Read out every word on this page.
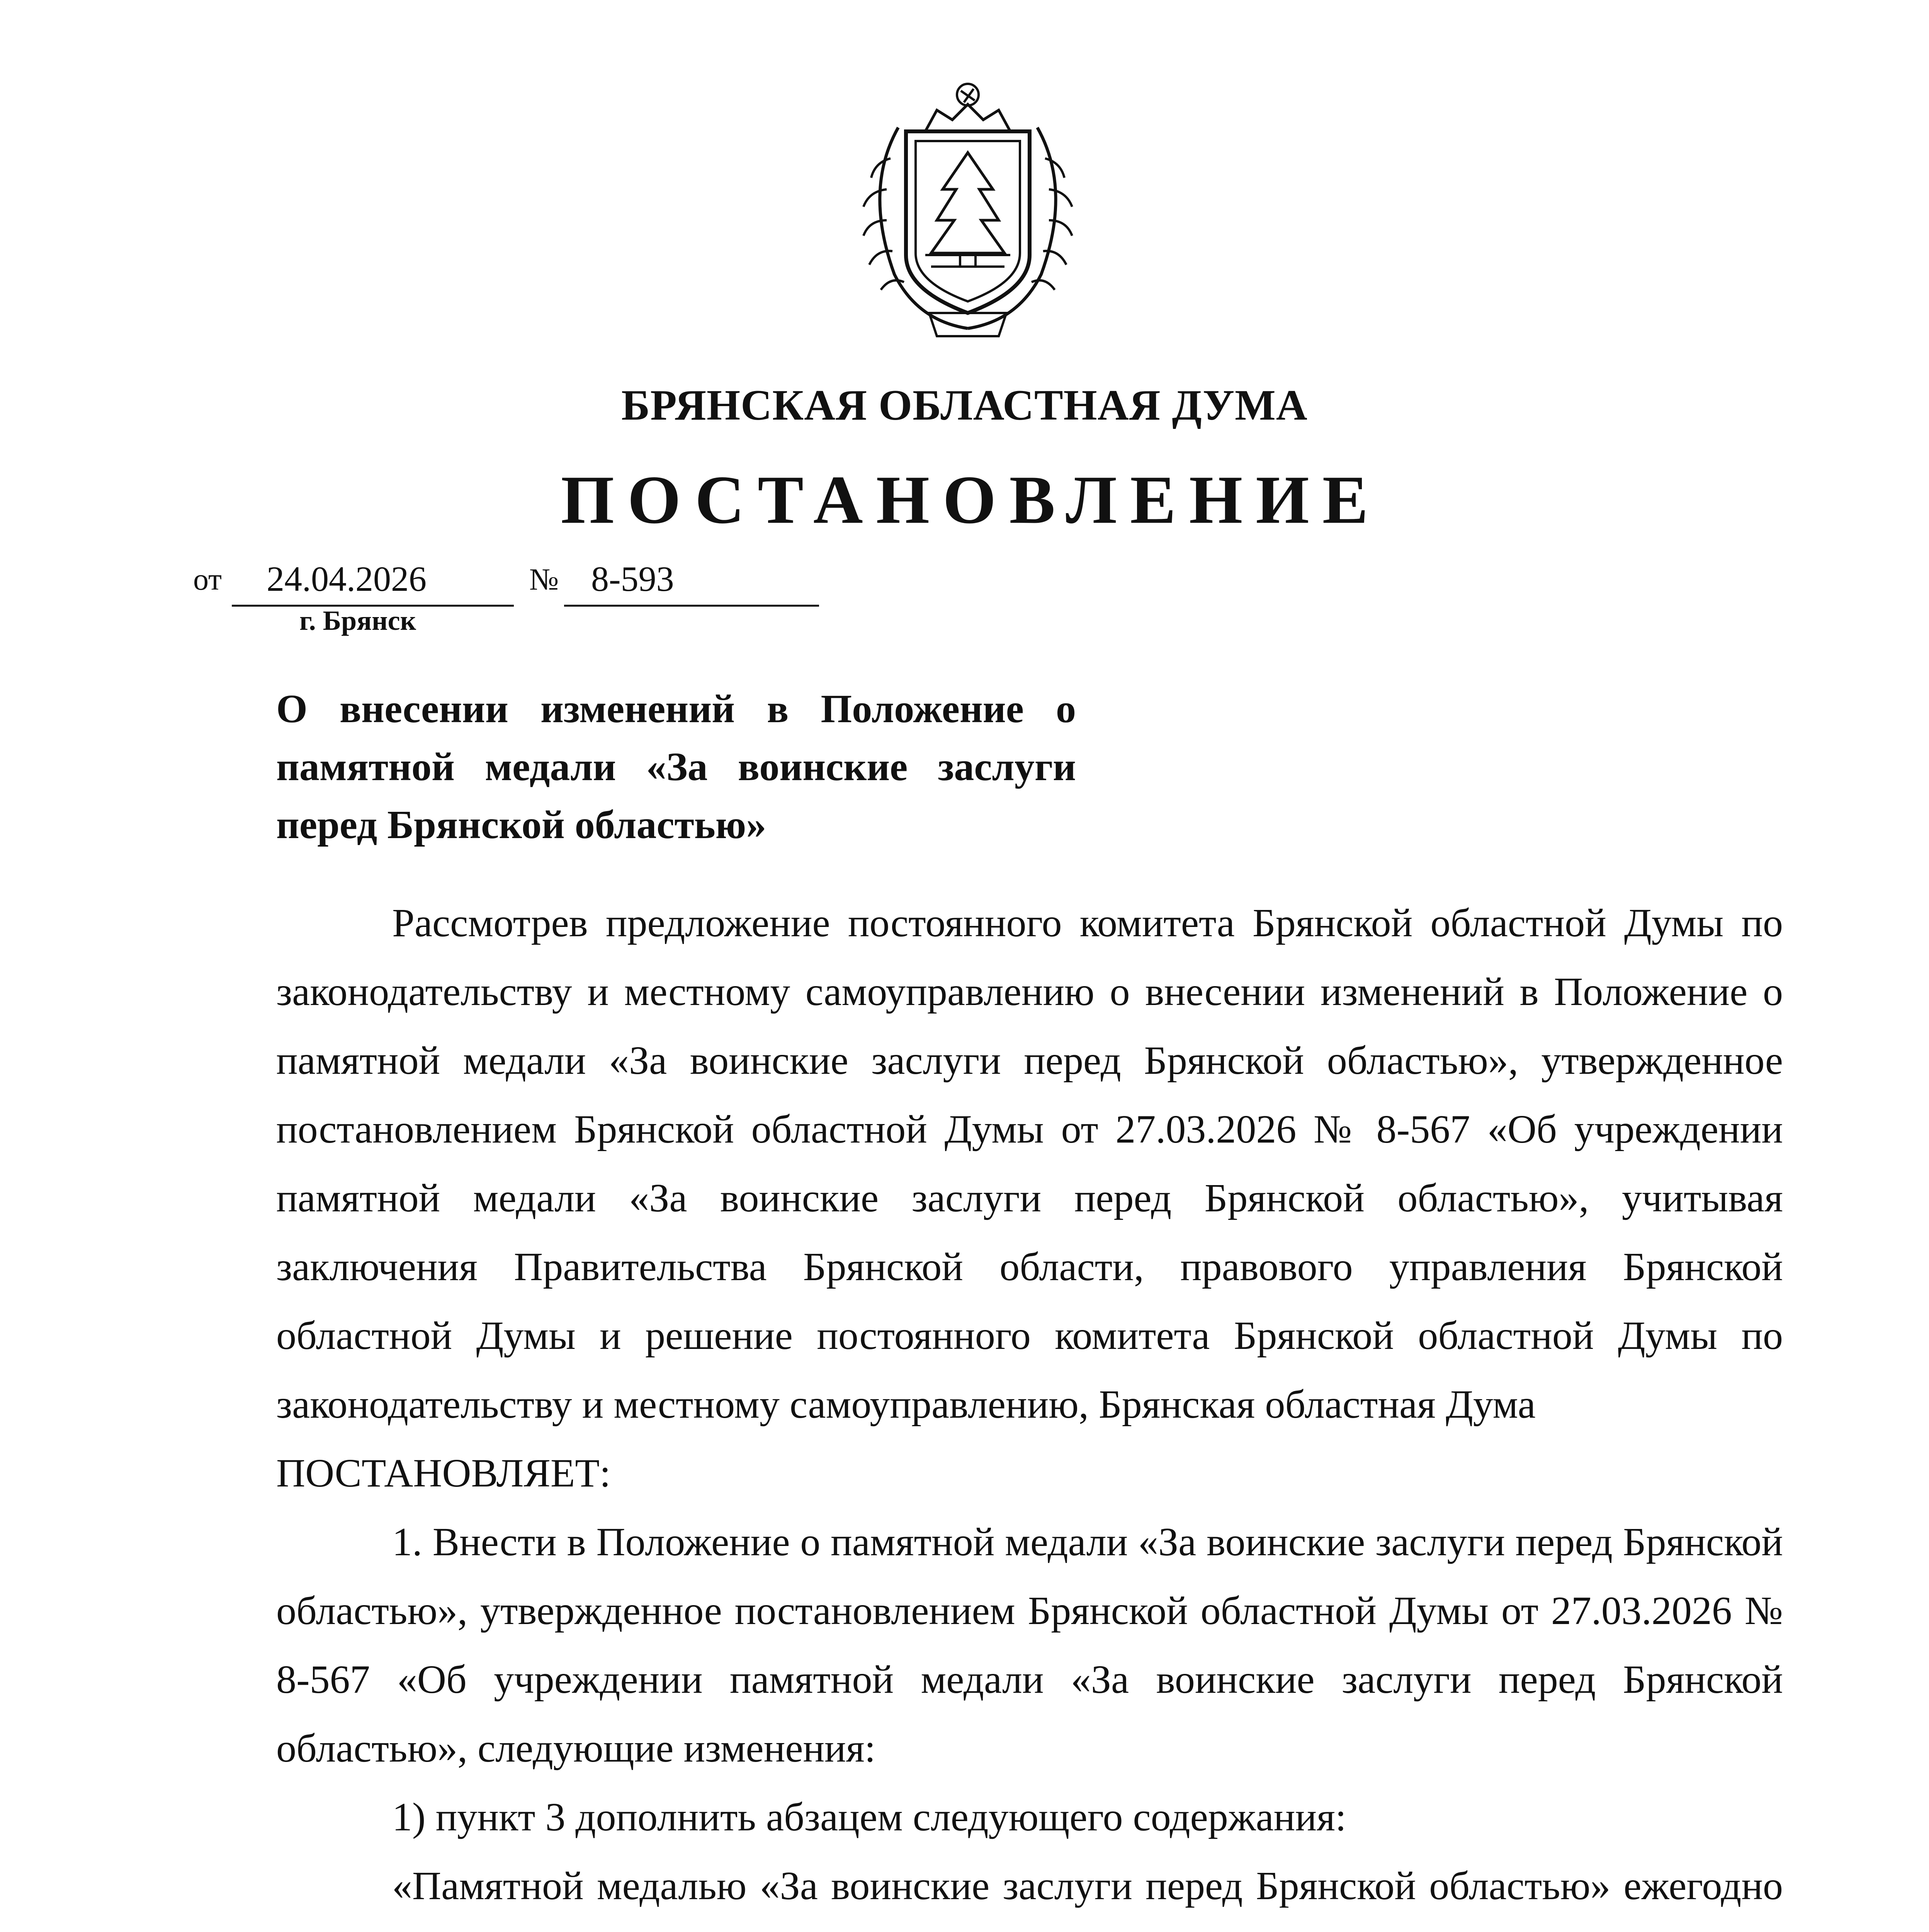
БРЯНСКАЯ ОБЛАСТНАЯ ДУМА
ПОСТАНОВЛЕНИЕ
от 24.04.2026	№ 8-593
г. Брянск
О внесении изменений в Положение о памятной медали «За воинские заслуги перед Брянской областью»

Рассмотрев предложение постоянного комитета Брянской областной Думы по законодательству и местному самоуправлению о внесении изменений в Положение о памятной медали «За воинские заслуги перед Брянской областью», утвержденное постановлением Брянской областной Думы от 27.03.2026 № 8-567 «Об учреждении памятной медали «За воинские заслуги перед Брянской областью», учитывая заключения Правительства Брянской области, правового управления Брянской областной Думы и решение постоянного комитета Брянской областной Думы по законодательству и местному самоуправлению, Брянская областная Дума

ПОСТАНОВЛЯЕТ:

1. Внести в Положение о памятной медали «За воинские заслуги перед Брянской областью», утвержденное постановлением Брянской областной Думы от 27.03.2026 № 8-567 «Об учреждении памятной медали «За воинские заслуги перед Брянской областью», следующие изменения:

1) пункт 3 дополнить абзацем следующего содержания:

«Памятной медалью «За воинские заслуги перед Брянской областью» ежегодно
